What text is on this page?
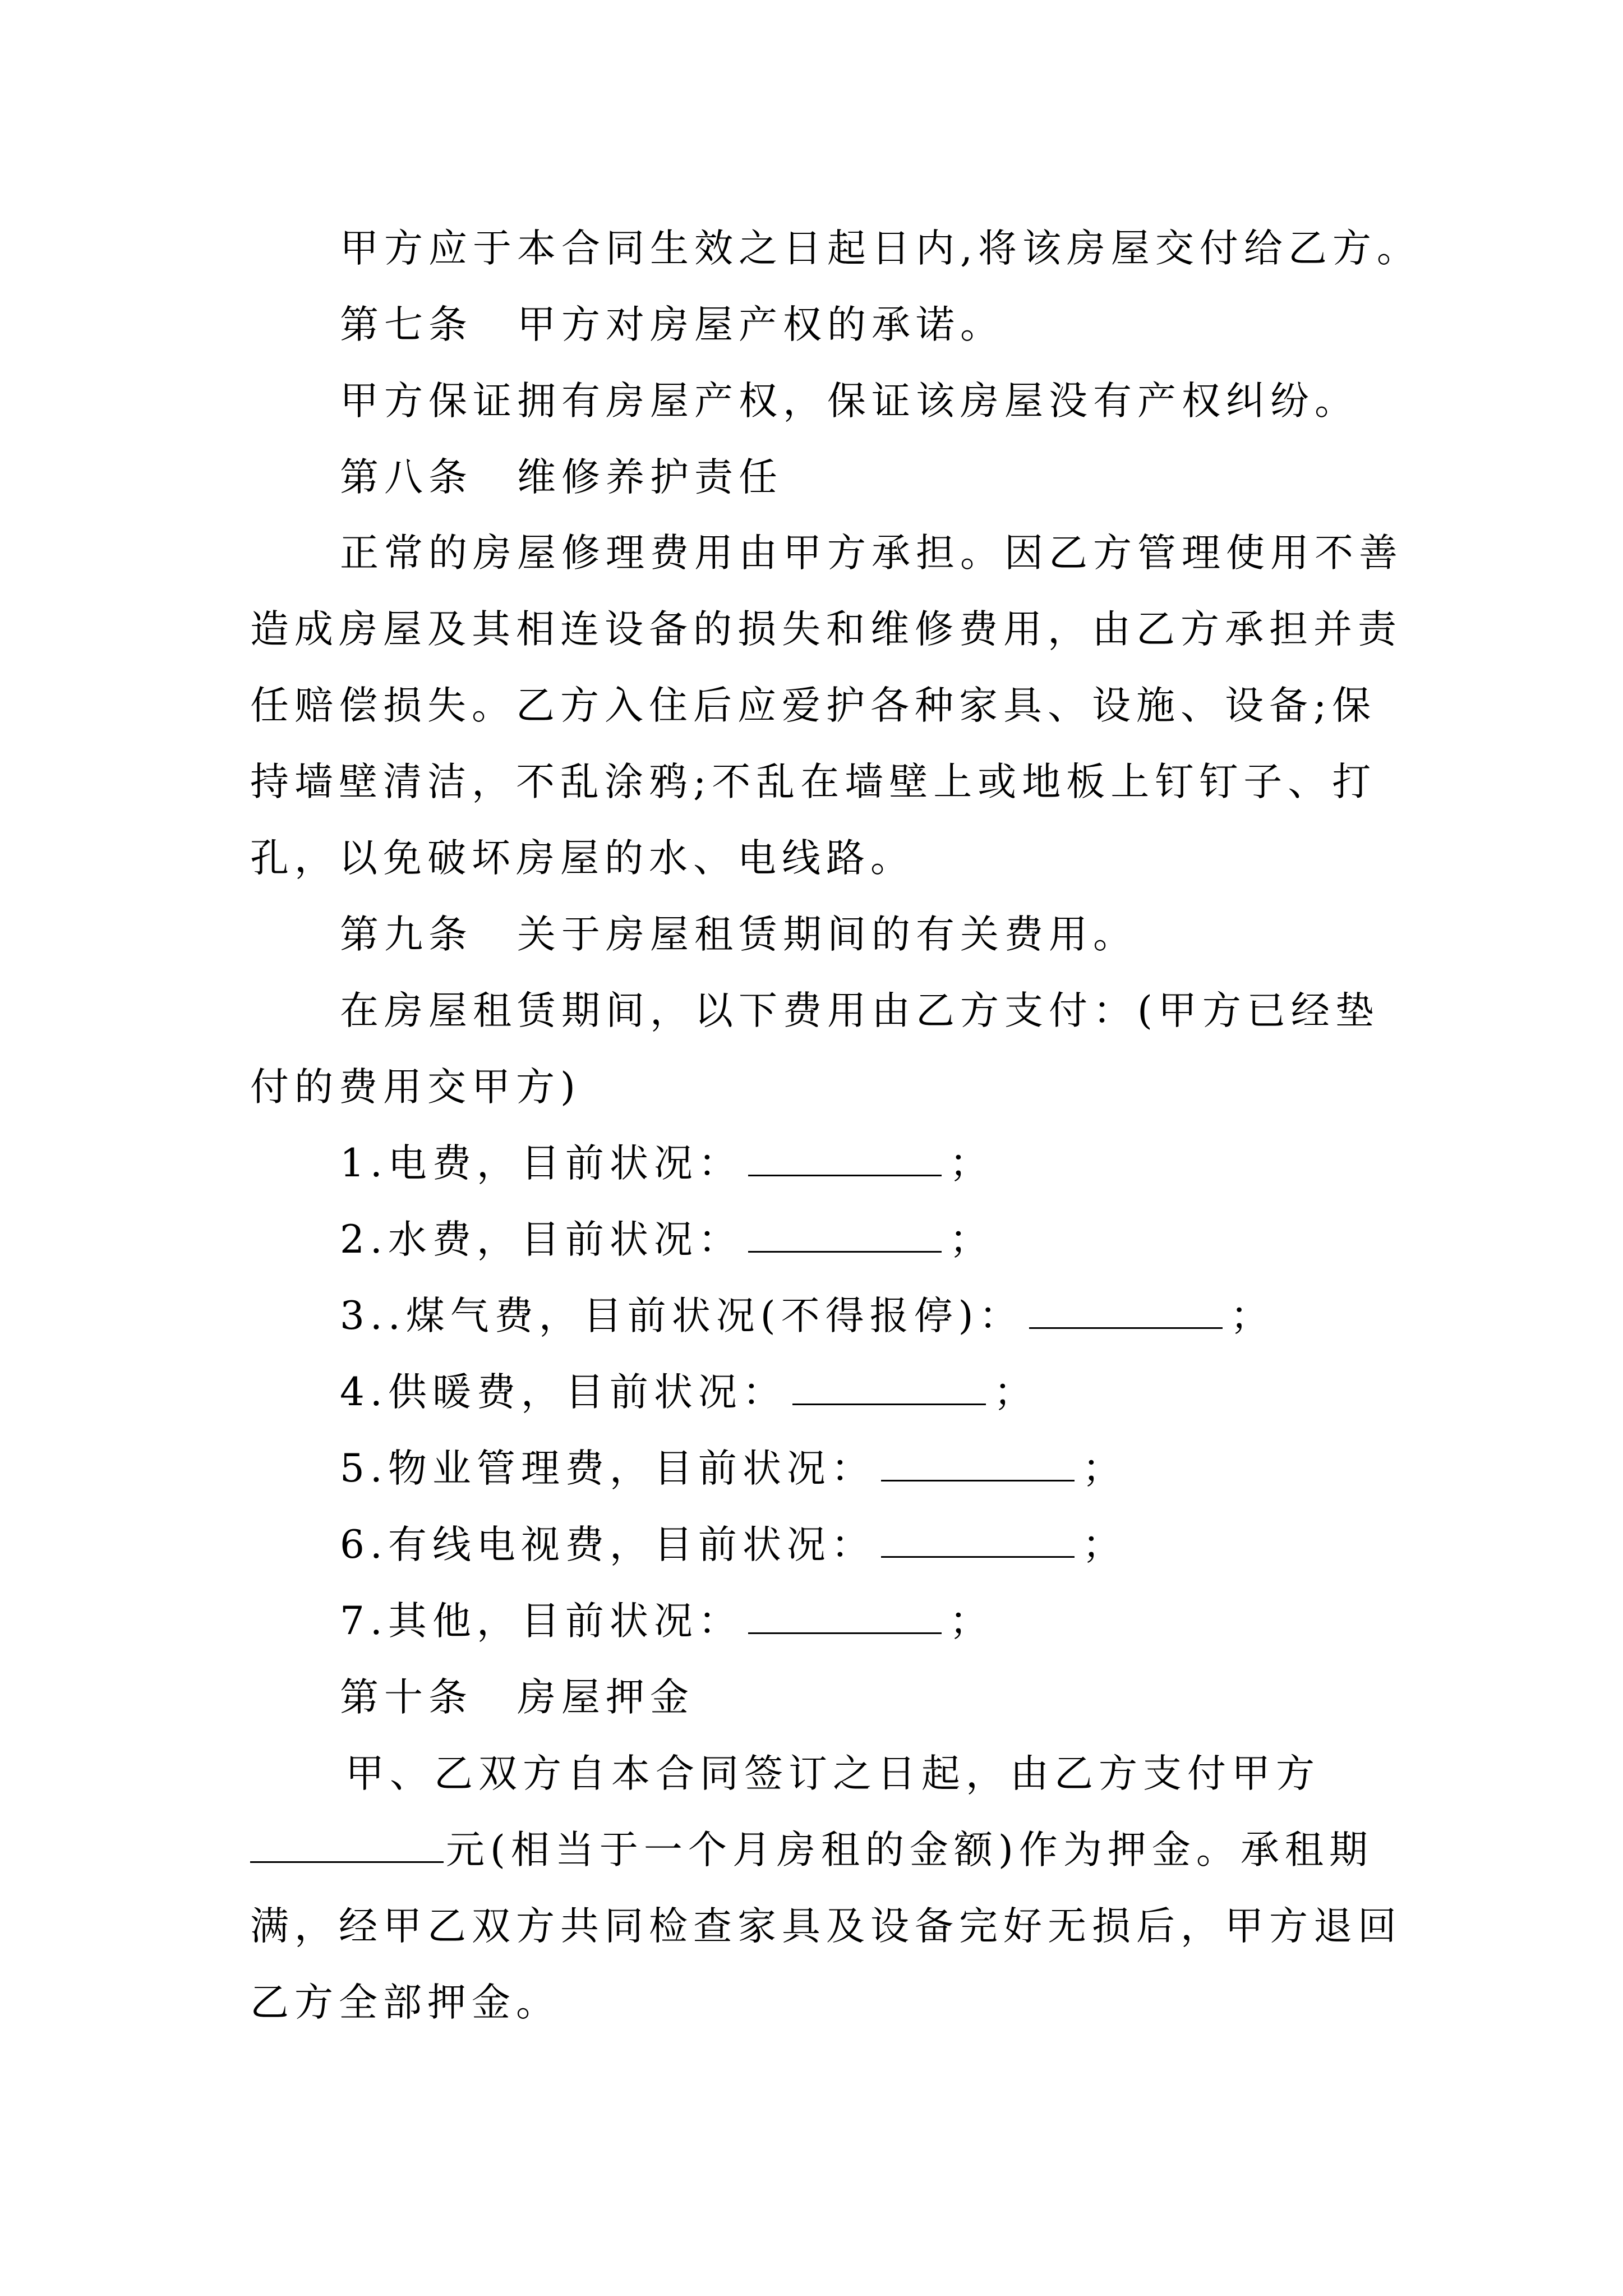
甲方应于本合同生效之日起日内,将该房屋交付给乙方。

第七条　甲方对房屋产权的承诺。

甲方保证拥有房屋产权，保证该房屋没有产权纠纷。

第八条　维修养护责任

正常的房屋修理费用由甲方承担。因乙方管理使用不善

造成房屋及其相连设备的损失和维修费用，由乙方承担并责

任赔偿损失。乙方入住后应爱护各种家具、设施、设备;保

持墙壁清洁，不乱涂鸦;不乱在墙壁上或地板上钉钉子、打

孔，以免破坏房屋的水、电线路。

第九条　关于房屋租赁期间的有关费用。

在房屋租赁期间，以下费用由乙方支付：(甲方已经垫

付的费用交甲方)

1.电费，目前状况：	；

2.水费，目前状况：	；

3..煤气费，目前状况(不得报停)：	；

4.供暖费，目前状况：	；

5.物业管理费，目前状况：	；

6.有线电视费，目前状况：	；

7.其他，目前状况：	；

第十条　房屋押金

甲、乙双方自本合同签订之日起，由乙方支付甲方

元(相当于一个月房租的金额)作为押金。承租期

满，经甲乙双方共同检查家具及设备完好无损后，甲方退回

乙方全部押金。
